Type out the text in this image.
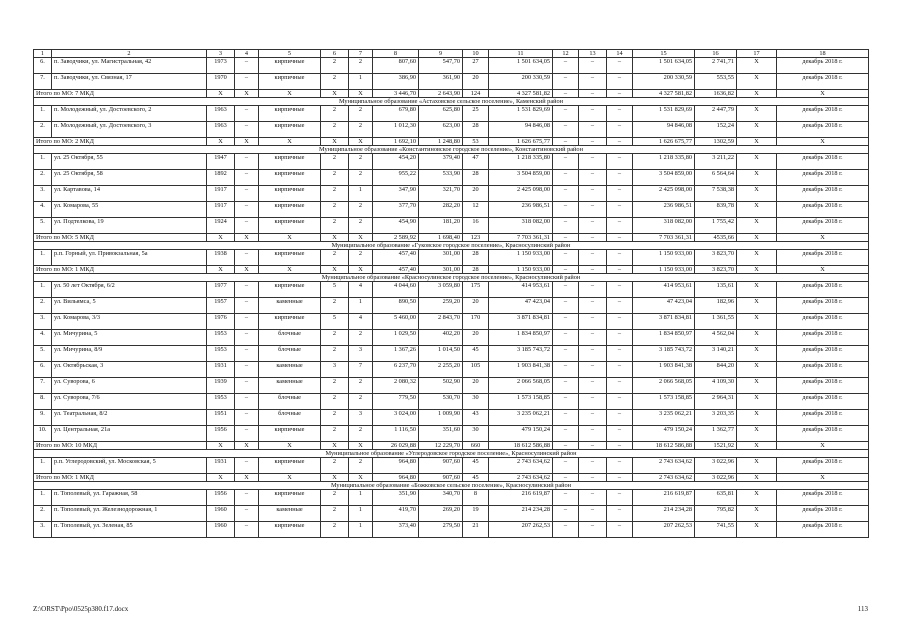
1	2	3	4	5	6	7	8	9	10	11	12	13	14	15	16	17	18
6.	п. Заводчики, ул. Магистральная, 42	1973	–	кирпичные	2	2	807,60	547,70	27	1 501 634,05	–	–	–	1 501 634,05	2 741,71	X	декабрь 2018 г.
7.	п. Заводчики, ул. Связная, 17	1970	–	кирпичные	2	1	386,90	361,90	20	200 330,59	–	–	–	200 330,59	553,55	X	декабрь 2018 г.
Итого по МО: 7 МКД		X	X	X	X	X	3 446,70	2 643,90	124	4 327 581,82	–	–	–	4 327 581,82	1636,82	X	X
Муниципальное образование «Астаховское сельское поселение», Каменский район																	
1.	п. Молодежный, ул. Достоевского, 2	1963	–	кирпичные	2	2	679,80	625,80	25	1 531 829,69	–	–	–	1 531 829,69	2 447,79	X	декабрь 2018 г.
2.	п. Молодежный, ул. Достоевского, 3	1963	–	кирпичные	2	2	1 012,30	623,00	28	94 846,08	–	–	–	94 846,08	152,24	X	декабрь 2018 г.
Итого по МО: 2 МКД		X	X	X	X	X	1 692,10	1 248,80	53	1 626 675,77	–	–	–	1 626 675,77	1302,59	X	X
Муниципальное образование «Константиновское городское поселение», Константиновский район																	
1.	ул. 25 Октября, 55	1947	–	кирпичные	2	2	454,20	379,40	47	1 218 335,80	–	–	–	1 218 335,80	3 211,22	X	декабрь 2018 г.
2.	ул. 25 Октября, 58	1892	–	кирпичные	2	2	955,22	533,90	28	3 504 859,00	–	–	–	3 504 859,00	6 564,64	X	декабрь 2018 г.
3.	ул. Картавова, 14	1917	–	кирпичные	2	1	347,90	321,70	20	2 425 098,00	–	–	–	2 425 098,00	7 538,38	X	декабрь 2018 г.
4.	ул. Комарова, 55	1917	–	кирпичные	2	2	377,70	282,20	12	236 986,51	–	–	–	236 986,51	839,78	X	декабрь 2018 г.
5.	ул. Подтелкова, 19	1924	–	кирпичные	2	2	454,90	181,20	16	318 082,00	–	–	–	318 082,00	1 755,42	X	декабрь 2018 г.
Итого по МО: 5 МКД		X	X	X	X	X	2 589,92	1 698,40	123	7 703 361,31	–	–	–	7 703 361,31	4535,66	X	X
Муниципальное образование «Гуковское городское поселение», Красносулинский район																	
1.	р.п. Горный, ул. Привокзальная, 5а	1938	–	кирпичные	2	2	457,40	301,00	28	1 150 933,00	–	–	–	1 150 933,00	3 823,70	X	декабрь 2018 г.
Итого по МО: 1 МКД		X	X	X	X	X	457,40	301,00	28	1 150 933,00	–	–	–	1 150 933,00	3 823,70	X	X
Муниципальное образование «Красносулинское городское поселение», Красносулинский район																	
1.	ул. 50 лет Октября, 6/2	1977	–	кирпичные	5	4	4 044,60	3 059,80	175	414 953,61	–	–	–	414 953,61	135,61	X	декабрь 2018 г.
2.	ул. Вильямса, 5	1957	–	каменные	2	1	890,50	259,20	20	47 423,04	–	–	–	47 423,04	182,96	X	декабрь 2018 г.
3.	ул. Комарова, 3/3	1976	–	кирпичные	5	4	5 460,00	2 843,70	170	3 871 834,81	–	–	–	3 871 834,81	1 361,55	X	декабрь 2018 г.
4.	ул. Мичурина, 5	1953	–	блочные	2	2	1 029,50	402,20	20	1 834 850,97	–	–	–	1 834 850,97	4 562,04	X	декабрь 2018 г.
5.	ул. Мичурина, 8/9	1953	–	блочные	2	3	1 367,26	1 014,50	45	3 185 743,72	–	–	–	3 185 743,72	3 140,21	X	декабрь 2018 г.
6.	ул. Октябрьская, 3	1931	–	каменные	3	7	6 237,70	2 255,20	105	1 903 841,38	–	–	–	1 903 841,38	844,20	X	декабрь 2018 г.
7.	ул. Суворова, 6	1939	–	каменные	2	2	2 080,32	502,90	20	2 066 568,05	–	–	–	2 066 568,05	4 109,30	X	декабрь 2018 г.
8.	ул. Суворова, 7/6	1953	–	блочные	2	2	779,50	530,70	30	1 573 158,85	–	–	–	1 573 158,85	2 964,31	X	декабрь 2018 г.
9.	ул. Театральная, 8/2	1951	–	блочные	2	3	3 024,00	1 009,90	43	3 235 062,21	–	–	–	3 235 062,21	3 203,35	X	декабрь 2018 г.
10.	ул. Центральная, 21а	1956	–	кирпичные	2	2	1 116,50	351,60	30	479 150,24	–	–	–	479 150,24	1 362,77	X	декабрь 2018 г.
Итого по МО: 10 МКД		X	X	X	X	X	26 029,88	12 229,70	660	18 612 586,88	–	–	–	18 612 586,88	1521,92	X	X
Муниципальное образование «Углеродовское городское поселение», Красносулинский район																	
1.	р.п. Углеродовский, ул. Московская, 5	1931	–	кирпичные	2	2	964,80	907,60	45	2 743 634,62	–	–	–	2 743 634,62	3 022,96	X	декабрь 2018 г.
Итого по МО: 1 МКД		X	X	X	X	X	964,80	907,60	45	2 743 634,62	–	–	–	2 743 634,62	3 022,96	X	X
Муниципальное образование «Божковское сельское поселение», Красносулинский район																	
1.	п. Тополевый, ул. Гаражная, 58	1956	–	кирпичные	2	1	351,90	340,70	8	216 619,87	–	–	–	216 619,87	635,81	X	декабрь 2018 г.
2.	п. Тополевый, ул. Железнодорожная, 1	1960	–	каменные	2	1	419,70	269,20	19	214 234,28	–	–	–	214 234,28	795,82	X	декабрь 2018 г.
3.	п. Тополевый, ул. Зеленая, 85	1960	–	кирпичные	2	1	373,40	279,50	21	207 262,53	–	–	–	207 262,53	741,55	X	декабрь 2018 г.
Z:\ORST\Ppo\0525p380.f17.docx	113
